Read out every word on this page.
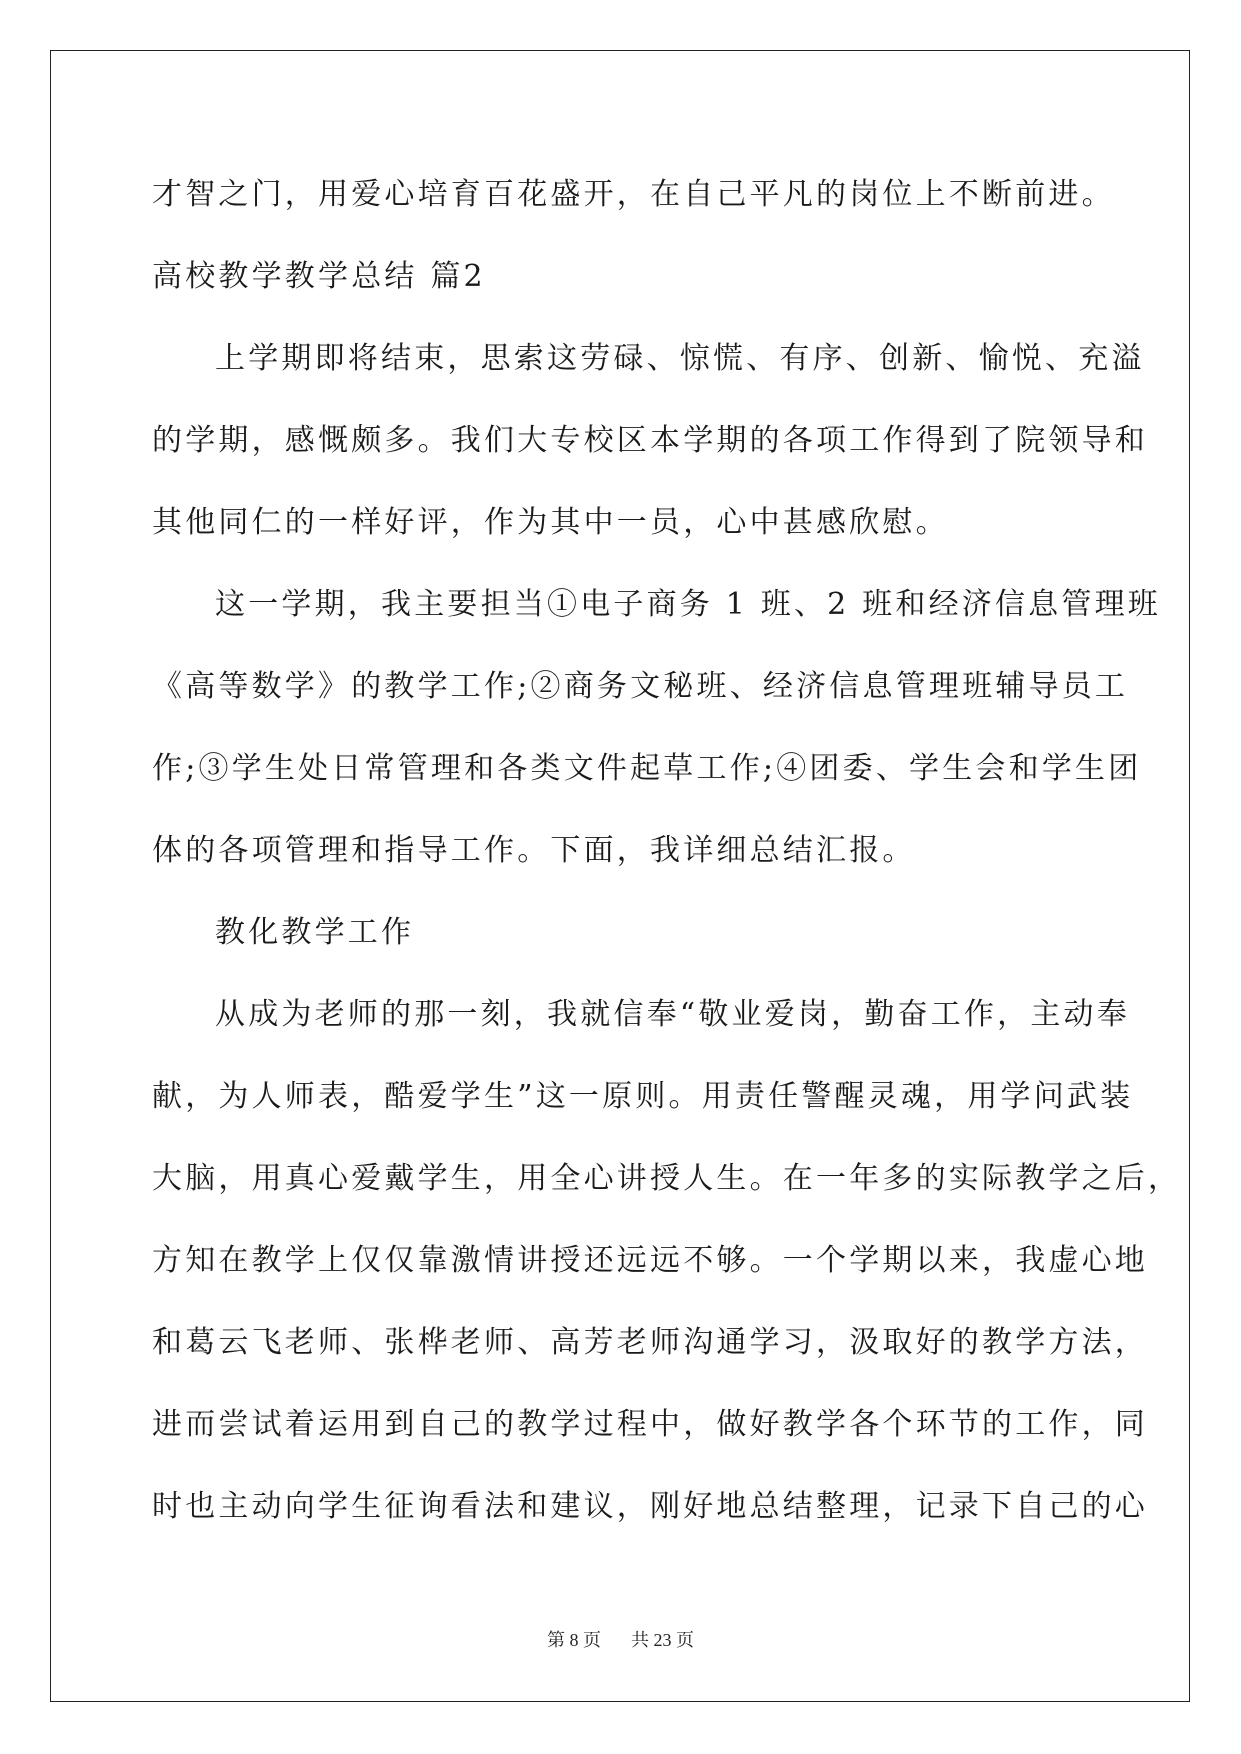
才智之门，用爱心培育百花盛开，在自己平凡的岗位上不断前进。
高校教学教学总结 篇2
上学期即将结束，思索这劳碌、惊慌、有序、创新、愉悦、充溢
的学期，感慨颇多。我们大专校区本学期的各项工作得到了院领导和
其他同仁的一样好评，作为其中一员，心中甚感欣慰。
这一学期，我主要担当①电子商务 1 班、2 班和经济信息管理班
《高等数学》的教学工作;②商务文秘班、经济信息管理班辅导员工
作;③学生处日常管理和各类文件起草工作;④团委、学生会和学生团
体的各项管理和指导工作。下面，我详细总结汇报。
教化教学工作
从成为老师的那一刻，我就信奉“敬业爱岗，勤奋工作，主动奉
献，为人师表，酷爱学生”这一原则。用责任警醒灵魂，用学问武装
大脑，用真心爱戴学生，用全心讲授人生。在一年多的实际教学之后，
方知在教学上仅仅靠激情讲授还远远不够。一个学期以来，我虚心地
和葛云飞老师、张桦老师、高芳老师沟通学习，汲取好的教学方法，
进而尝试着运用到自己的教学过程中，做好教学各个环节的工作，同
时也主动向学生征询看法和建议，刚好地总结整理，记录下自己的心
第 8 页 共 23 页
